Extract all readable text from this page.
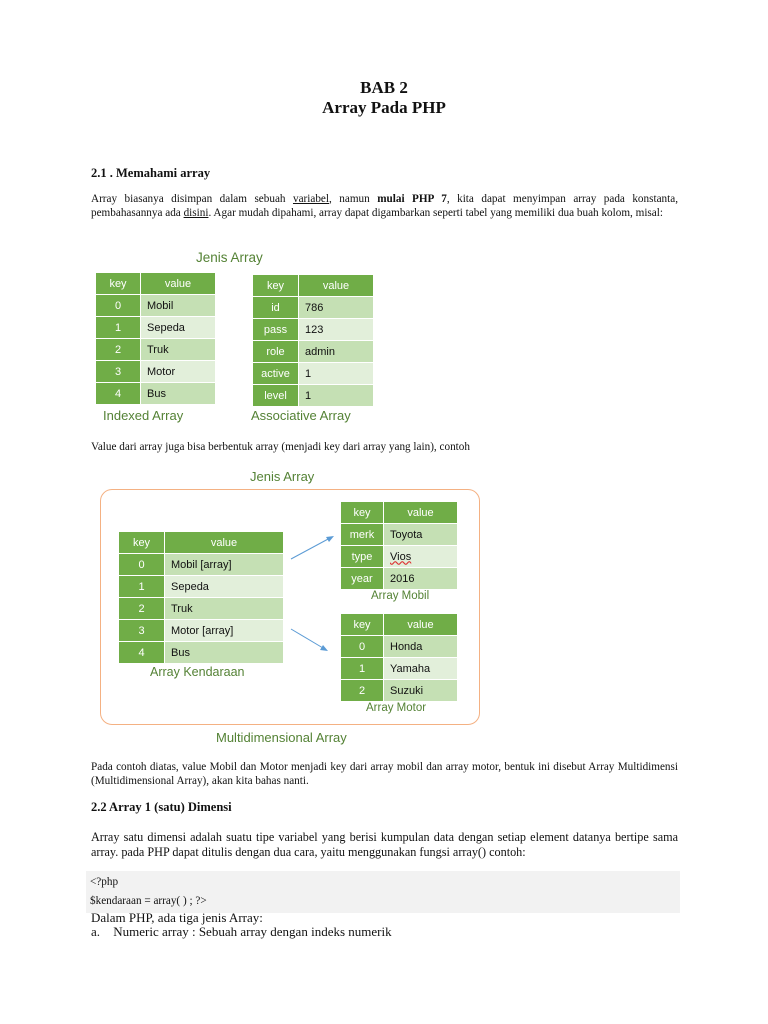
BAB 2
Array Pada PHP
2.1 . Memahami array
Array biasanya disimpan dalam sebuah variabel, namun mulai PHP 7, kita dapat menyimpan array pada konstanta, pembahasannya ada disini. Agar mudah dipahami, array dapat digambarkan seperti tabel yang memiliki dua buah kolom, misal:
Jenis Array
key	value
0	Mobil
1	Sepeda
2	Truk
3	Motor
4	Bus
Indexed Array
key	value
id	786
pass	123
role	admin
active	1
level	1
Associative Array
Value dari array juga bisa berbentuk array (menjadi key dari array yang lain), contoh
Jenis Array
key	value
0	Mobil [array]
1	Sepeda
2	Truk
3	Motor [array]
4	Bus
Array Kendaraan
key	value
merk	Toyota
type	Vios
year	2016
Array Mobil
key	value
0	Honda
1	Yamaha
2	Suzuki
Array Motor
Multidimensional Array
Pada contoh diatas, value Mobil dan Motor menjadi key dari array mobil dan array motor, bentuk ini disebut Array Multidimensi (Multidimensional Array), akan kita bahas nanti.
2.2 Array 1 (satu) Dimensi
Array satu dimensi adalah suatu tipe variabel yang berisi kumpulan data dengan setiap element datanya bertipe sama array. pada PHP dapat ditulis dengan dua cara, yaitu menggunakan fungsi array() contoh:
<?php
$kendaraan = array( ) ; ?>
Dalam PHP, ada tiga jenis Array:
a. Numeric array : Sebuah array dengan indeks numerik
